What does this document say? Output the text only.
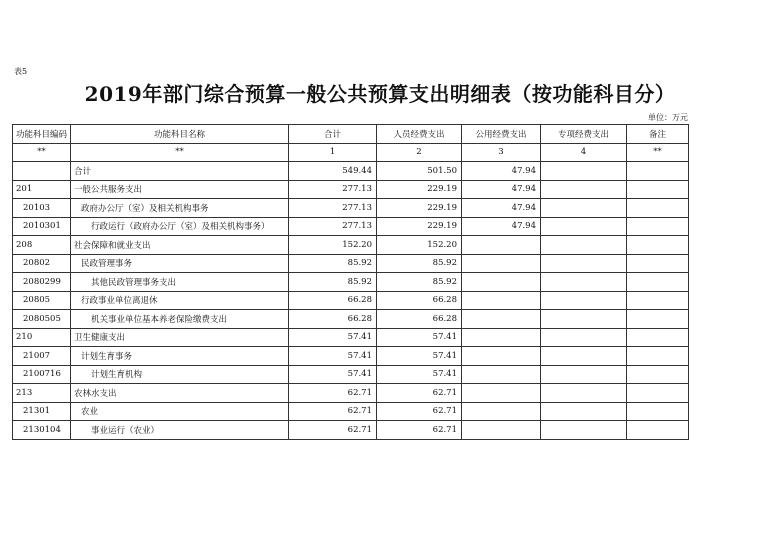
表5
2019年部门综合预算一般公共预算支出明细表（按功能科目分）
单位：万元
功能科目编码	功能科目名称	合计	人员经费支出	公用经费支出	专项经费支出	备注
**	**	1	2	3	4	**
	合计	549.44	501.50	47.94		
201	一般公共服务支出	277.13	229.19	47.94		
20103	政府办公厅（室）及相关机构事务	277.13	229.19	47.94		
2010301	行政运行（政府办公厅（室）及相关机构事务）	277.13	229.19	47.94		
208	社会保障和就业支出	152.20	152.20			
20802	民政管理事务	85.92	85.92			
2080299	其他民政管理事务支出	85.92	85.92			
20805	行政事业单位离退休	66.28	66.28			
2080505	机关事业单位基本养老保险缴费支出	66.28	66.28			
210	卫生健康支出	57.41	57.41			
21007	计划生育事务	57.41	57.41			
2100716	计划生育机构	57.41	57.41			
213	农林水支出	62.71	62.71			
21301	农业	62.71	62.71			
2130104	事业运行（农业）	62.71	62.71			
